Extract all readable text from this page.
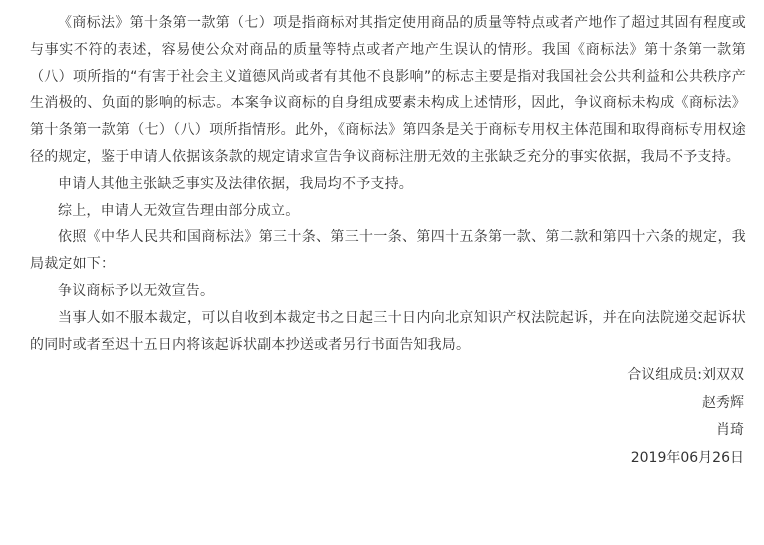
《商标法》第十条第一款第（七）项是指商标对其指定使用商品的质量等特点或者产地作了超过其固有程度或与事实不符的表述，容易使公众对商品的质量等特点或者产地产生误认的情形。我国《商标法》第十条第一款第（八）项所指的“有害于社会主义道德风尚或者有其他不良影响”的标志主要是指对我国社会公共利益和公共秩序产生消极的、负面的影响的标志。本案争议商标的自身组成要素未构成上述情形，因此，争议商标未构成《商标法》第十条第一款第（七）（八）项所指情形。此外，《商标法》第四条是关于商标专用权主体范围和取得商标专用权途径的规定，鉴于申请人依据该条款的规定请求宣告争议商标注册无效的主张缺乏充分的事实依据，我局不予支持。

申请人其他主张缺乏事实及法律依据，我局均不予支持。

综上，申请人无效宣告理由部分成立。

依照《中华人民共和国商标法》第三十条、第三十一条、第四十五条第一款、第二款和第四十六条的规定，我局裁定如下：

争议商标予以无效宣告。

当事人如不服本裁定，可以自收到本裁定书之日起三十日内向北京知识产权法院起诉，并在向法院递交起诉状的同时或者至迟十五日内将该起诉状副本抄送或者另行书面告知我局。

合议组成员:刘双双

赵秀辉

肖琦

2019年06月26日
